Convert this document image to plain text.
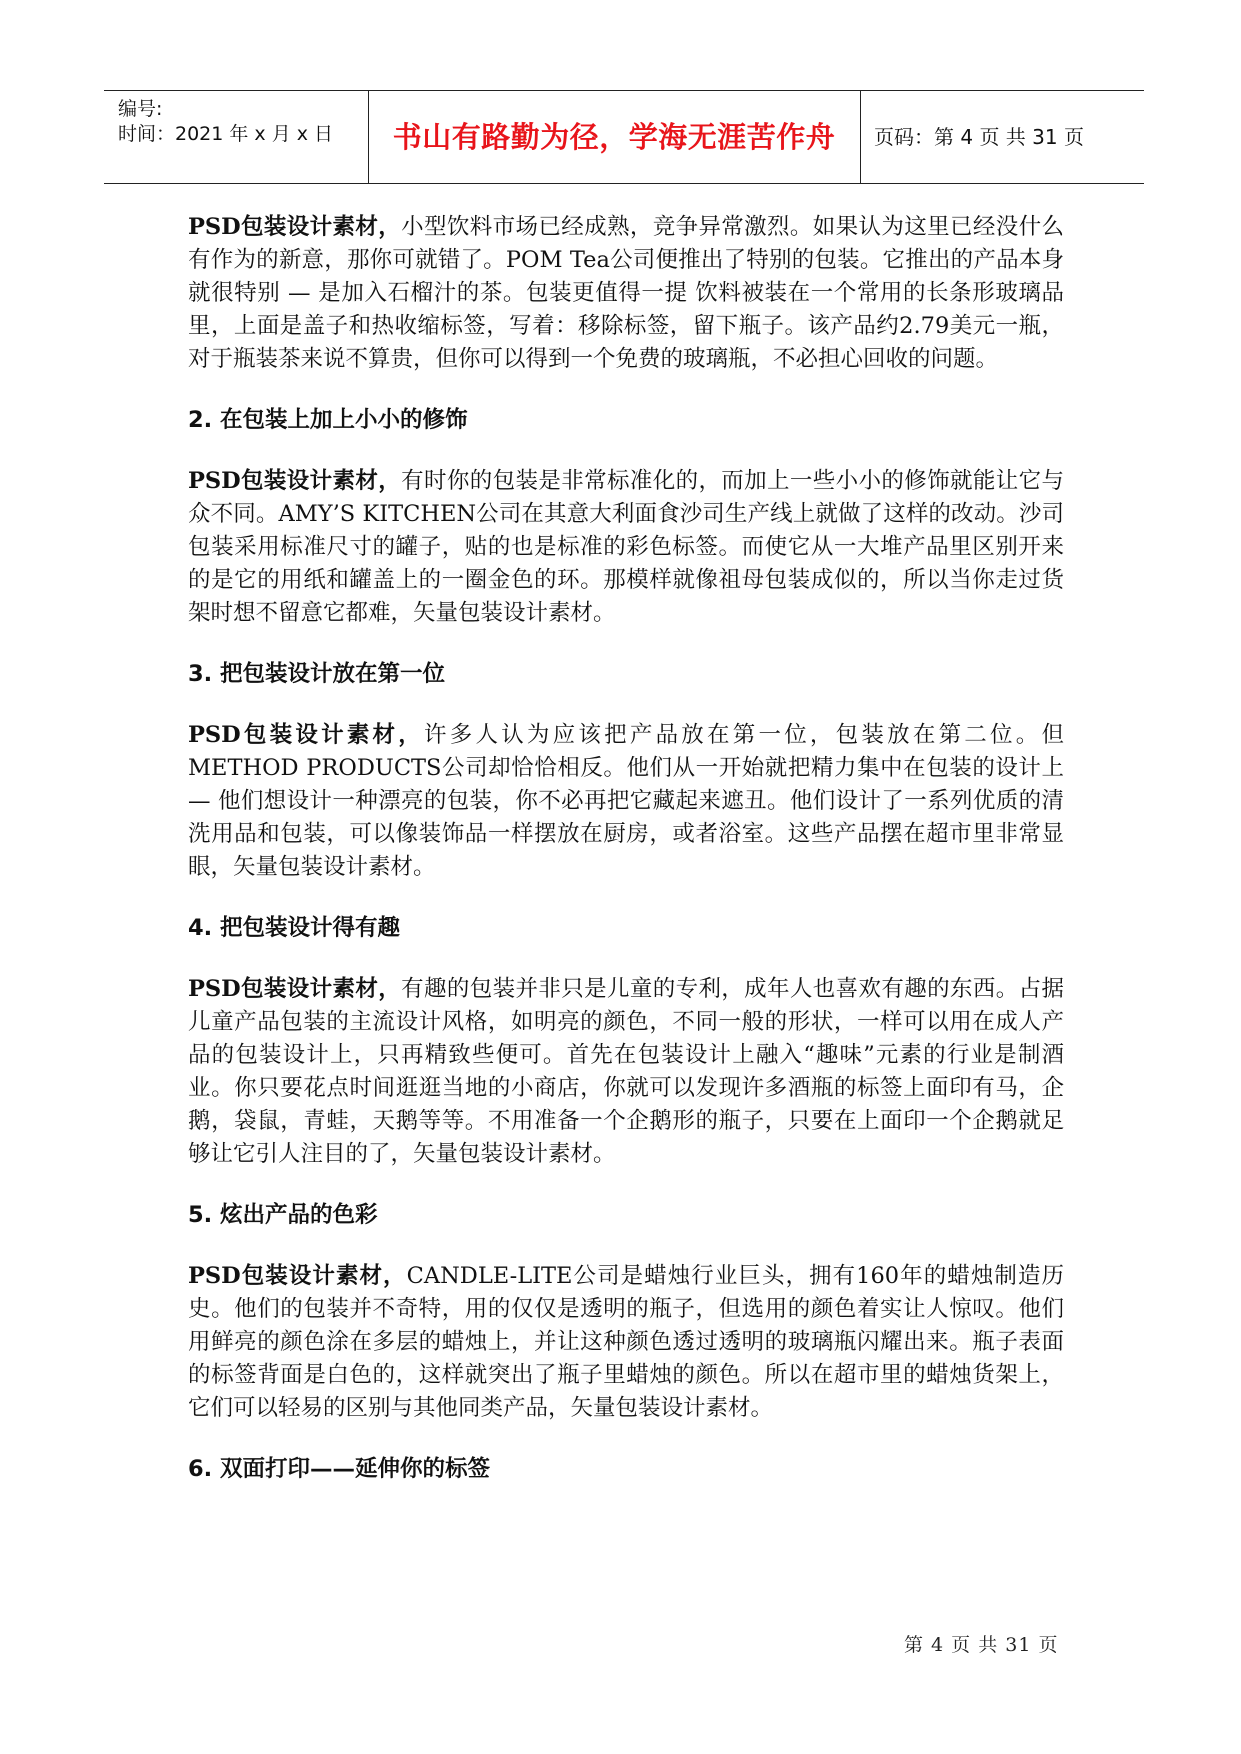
编号:
时间：2021 年 x 月 x 日	书山有路勤为径，学海无涯苦作舟	页码：第 4 页 共 31 页

PSD包装设计素材，小型饮料市场已经成熟，竞争异常激烈。如果认为这里已经没什么有作为的新意，那你可就错了。POM Tea公司便推出了特别的包装。它推出的产品本身就很特别 — 是加入石榴汁的茶。包装更值得一提 饮料被装在一个常用的长条形玻璃品里，上面是盖子和热收缩标签，写着：移除标签，留下瓶子。该产品约2.79美元一瓶，对于瓶装茶来说不算贵，但你可以得到一个免费的玻璃瓶，不必担心回收的问题。

2. 在包装上加上小小的修饰

PSD包装设计素材，有时你的包装是非常标准化的，而加上一些小小的修饰就能让它与众不同。AMY’S KITCHEN公司在其意大利面食沙司生产线上就做了这样的改动。沙司包装采用标准尺寸的罐子，贴的也是标准的彩色标签。而使它从一大堆产品里区别开来的是它的用纸和罐盖上的一圈金色的环。那模样就像祖母包装成似的，所以当你走过货架时想不留意它都难，矢量包装设计素材。

3. 把包装设计放在第一位

PSD包装设计素材，许多人认为应该把产品放在第一位，包装放在第二位。但METHOD PRODUCTS公司却恰恰相反。他们从一开始就把精力集中在包装的设计上 — 他们想设计一种漂亮的包装，你不必再把它藏起来遮丑。他们设计了一系列优质的清洗用品和包装，可以像装饰品一样摆放在厨房，或者浴室。这些产品摆在超市里非常显眼，矢量包装设计素材。

4. 把包装设计得有趣

PSD包装设计素材，有趣的包装并非只是儿童的专利，成年人也喜欢有趣的东西。占据儿童产品包装的主流设计风格，如明亮的颜色，不同一般的形状，一样可以用在成人产品的包装设计上，只再精致些便可。首先在包装设计上融入“趣味”元素的行业是制酒业。你只要花点时间逛逛当地的小商店，你就可以发现许多酒瓶的标签上面印有马，企鹅，袋鼠，青蛙，天鹅等等。不用准备一个企鹅形的瓶子，只要在上面印一个企鹅就足够让它引人注目的了，矢量包装设计素材。

5. 炫出产品的色彩

PSD包装设计素材，CANDLE-LITE公司是蜡烛行业巨头，拥有160年的蜡烛制造历史。他们的包装并不奇特，用的仅仅是透明的瓶子，但选用的颜色着实让人惊叹。他们用鲜亮的颜色涂在多层的蜡烛上，并让这种颜色透过透明的玻璃瓶闪耀出来。瓶子表面的标签背面是白色的，这样就突出了瓶子里蜡烛的颜色。所以在超市里的蜡烛货架上，它们可以轻易的区别与其他同类产品，矢量包装设计素材。

6. 双面打印——延伸你的标签
第 4 页 共 31 页
